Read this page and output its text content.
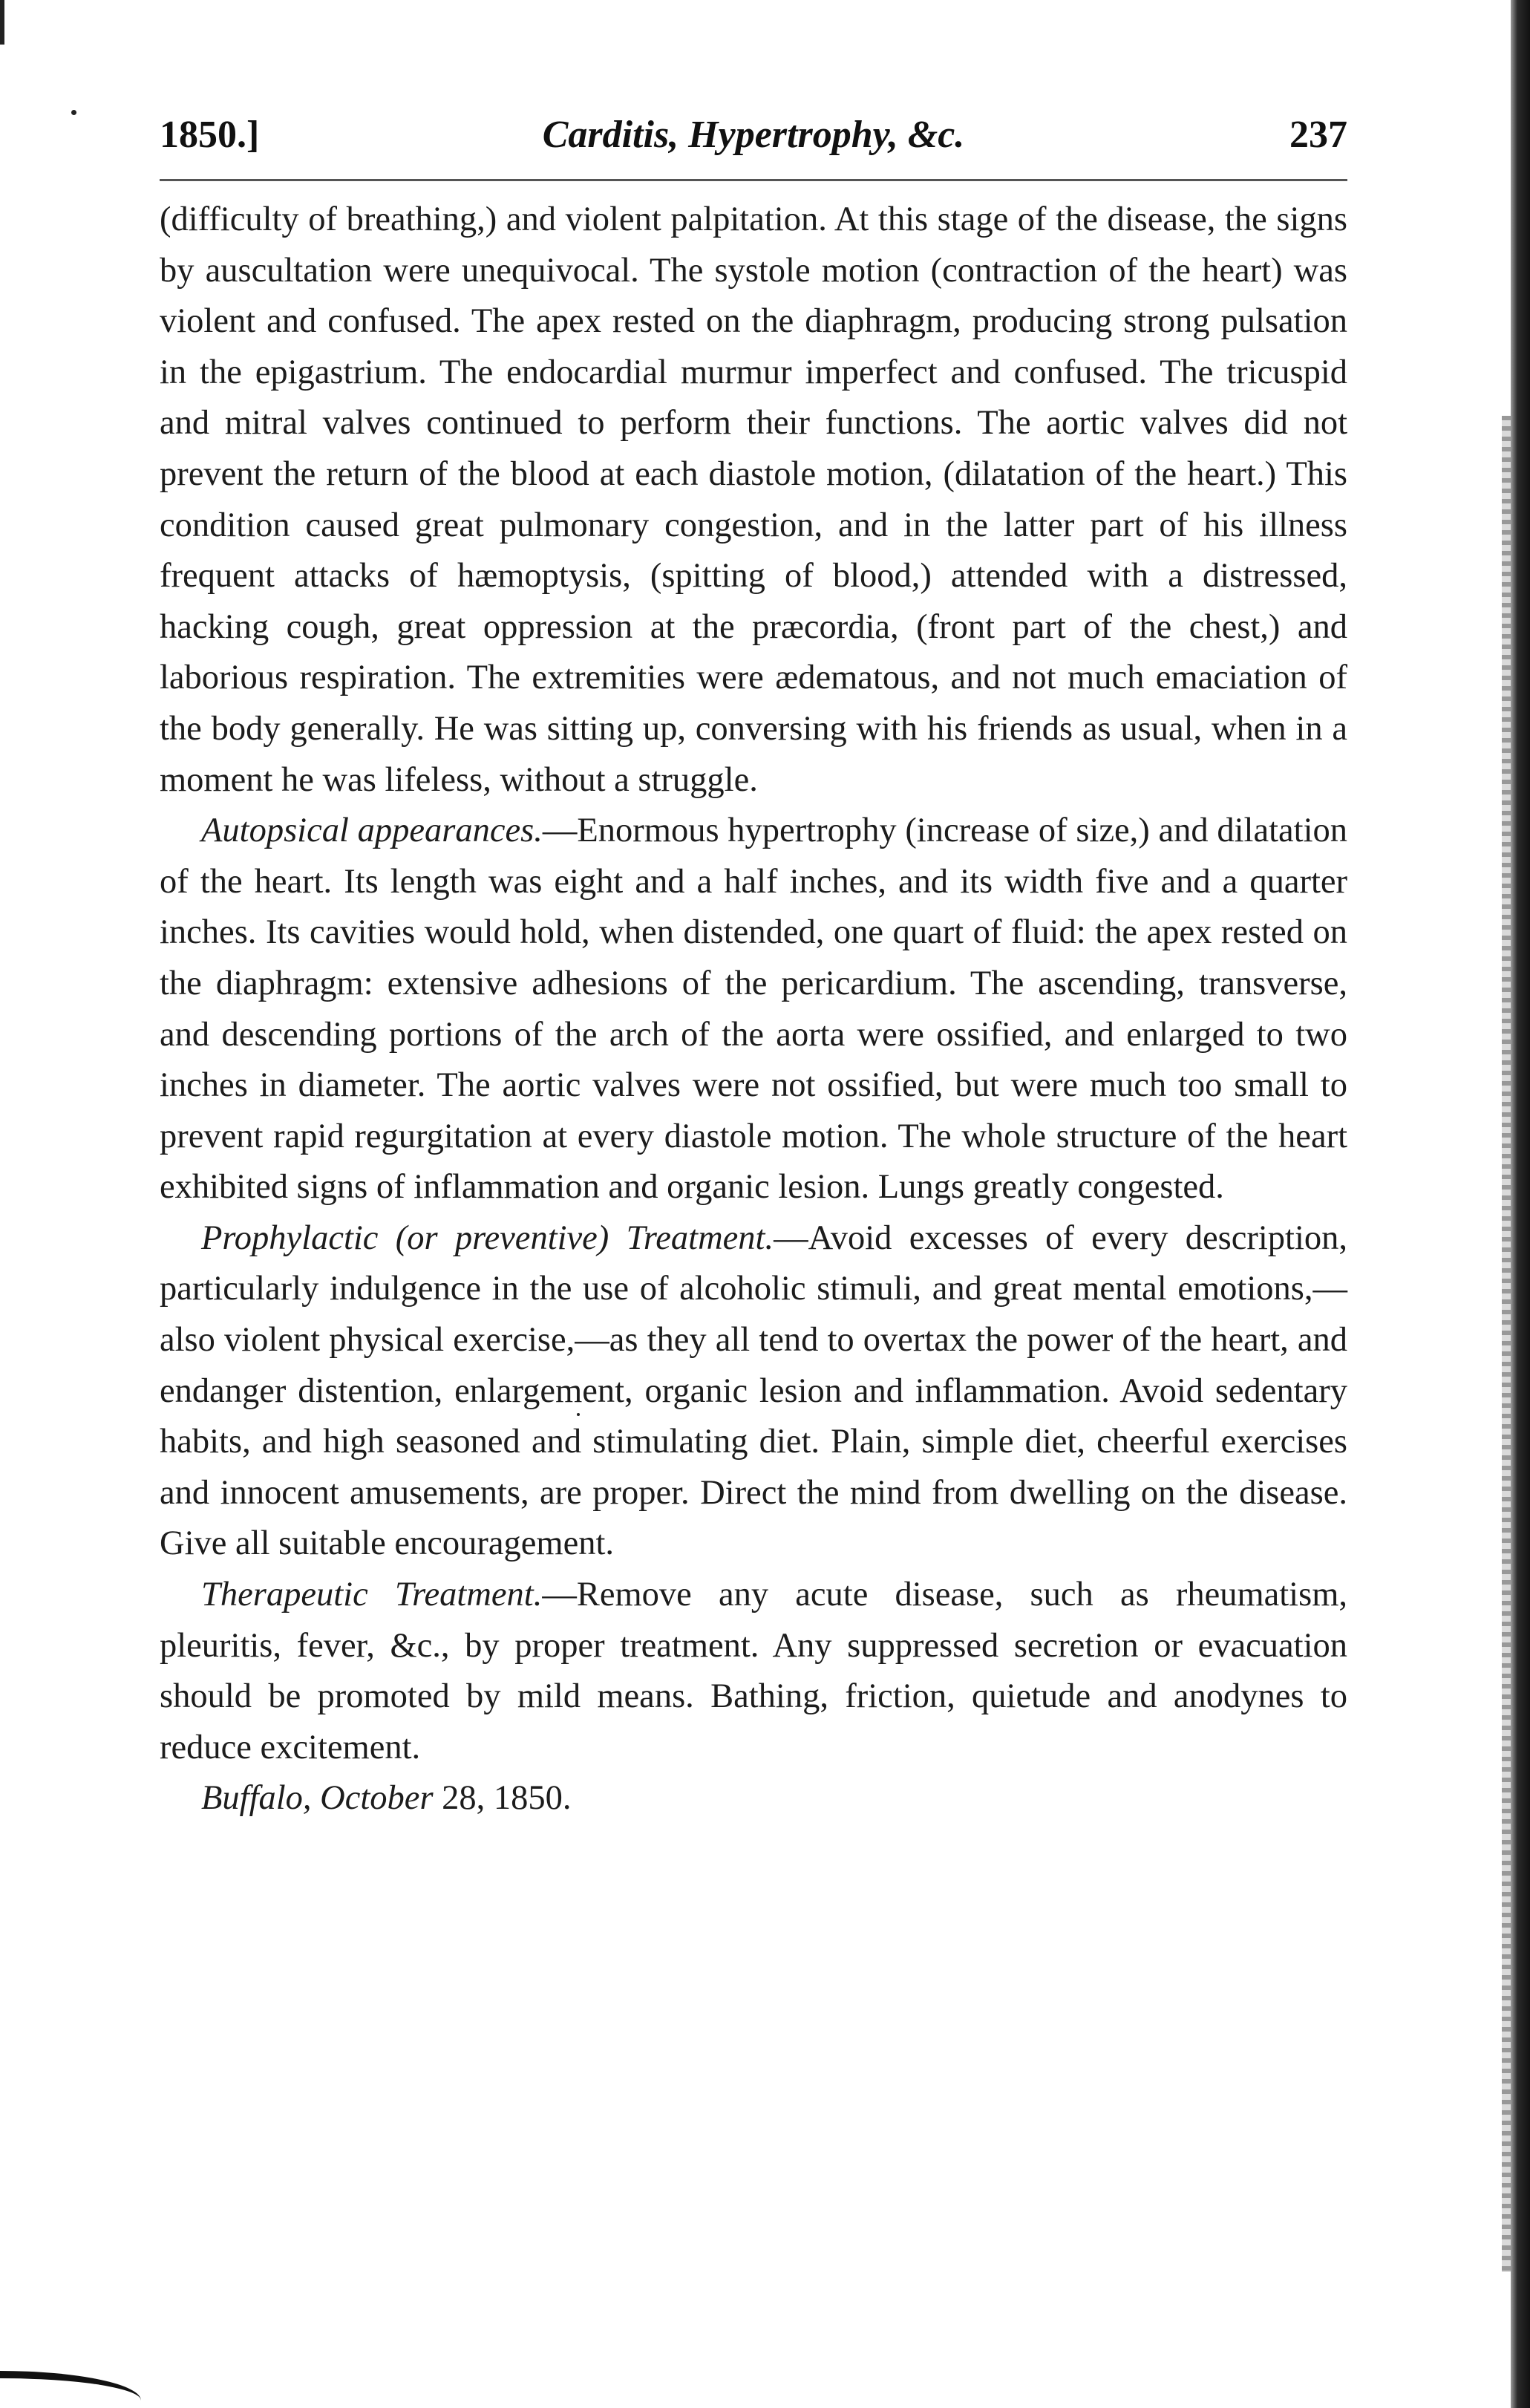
1850.]	Carditis, Hypertrophy, &c.	237

(difficulty of breathing,) and violent palpitation. At this stage of the disease, the signs by auscultation were unequivocal. The systole motion (contraction of the heart) was violent and confused. The apex rested on the diaphragm, producing strong pulsation in the epigastrium. The endocardial murmur imperfect and confused. The tricuspid and mitral valves continued to perform their functions. The aortic valves did not prevent the return of the blood at each diastole motion, (dilatation of the heart.) This condition caused great pulmonary congestion, and in the latter part of his illness frequent attacks of hæmoptysis, (spitting of blood,) attended with a distressed, hacking cough, great oppression at the præcordia, (front part of the chest,) and laborious respiration. The extremities were ædematous, and not much emaciation of the body generally. He was sitting up, conversing with his friends as usual, when in a moment he was lifeless, without a struggle.

Autopsical appearances.—Enormous hypertrophy (increase of size,) and dilatation of the heart. Its length was eight and a half inches, and its width five and a quarter inches. Its cavities would hold, when distended, one quart of fluid: the apex rested on the diaphragm: extensive adhesions of the pericardium. The ascending, transverse, and descending portions of the arch of the aorta were ossified, and enlarged to two inches in diameter. The aortic valves were not ossified, but were much too small to prevent rapid regurgitation at every diastole motion. The whole structure of the heart exhibited signs of inflammation and organic lesion. Lungs greatly congested.

Prophylactic (or preventive) Treatment.—Avoid excesses of every description, particularly indulgence in the use of alcoholic stimuli, and great mental emotions,—also violent physical exercise,—as they all tend to overtax the power of the heart, and endanger distention, enlargement, organic lesion and inflammation. Avoid sedentary habits, and high seasoned and stimulating diet. Plain, simple diet, cheerful exercises and innocent amusements, are proper. Direct the mind from dwelling on the disease. Give all suitable encouragement.

Therapeutic Treatment.—Remove any acute disease, such as rheumatism, pleuritis, fever, &c., by proper treatment. Any suppressed secretion or evacuation should be promoted by mild means. Bathing, friction, quietude and anodynes to reduce excitement.

Buffalo, October 28, 1850.
